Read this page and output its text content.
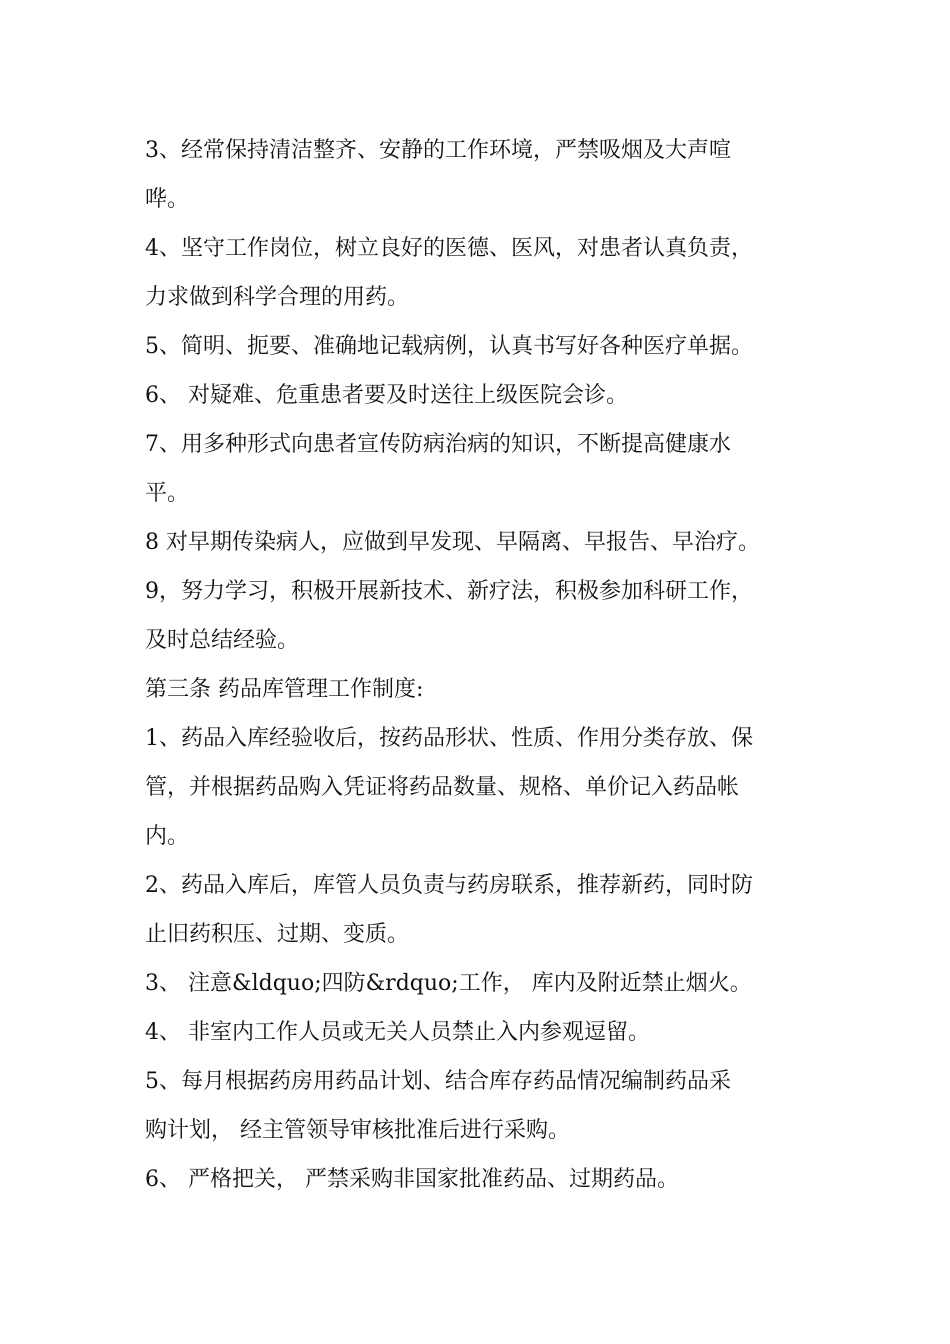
3、经常保持清洁整齐、安静的工作环境，严禁吸烟及大声喧
哗。
4、坚守工作岗位，树立良好的医德、医风，对患者认真负责，
力求做到科学合理的用药。
5、简明、扼要、准确地记载病例，认真书写好各种医疗单据。
6、 对疑难、危重患者要及时送往上级医院会诊。
7、用多种形式向患者宣传防病治病的知识，不断提高健康水
平。
8 对早期传染病人，应做到早发现、早隔离、早报告、早治疗。
9，努力学习，积极开展新技术、新疗法，积极参加科研工作，
及时总结经验。
第三条 药品库管理工作制度:
1、药品入库经验收后，按药品形状、性质、作用分类存放、保
管，并根据药品购入凭证将药品数量、规格、单价记入药品帐
内。
2、药品入库后，库管人员负责与药房联系，推荐新药，同时防
止旧药积压、过期、变质。
3、 注意&ldquo;四防&rdquo;工作， 库内及附近禁止烟火。
4、 非室内工作人员或无关人员禁止入内参观逗留。
5、每月根据药房用药品计划、结合库存药品情况编制药品采
购计划， 经主管领导审核批准后进行采购。
6、 严格把关， 严禁采购非国家批准药品、过期药品。
